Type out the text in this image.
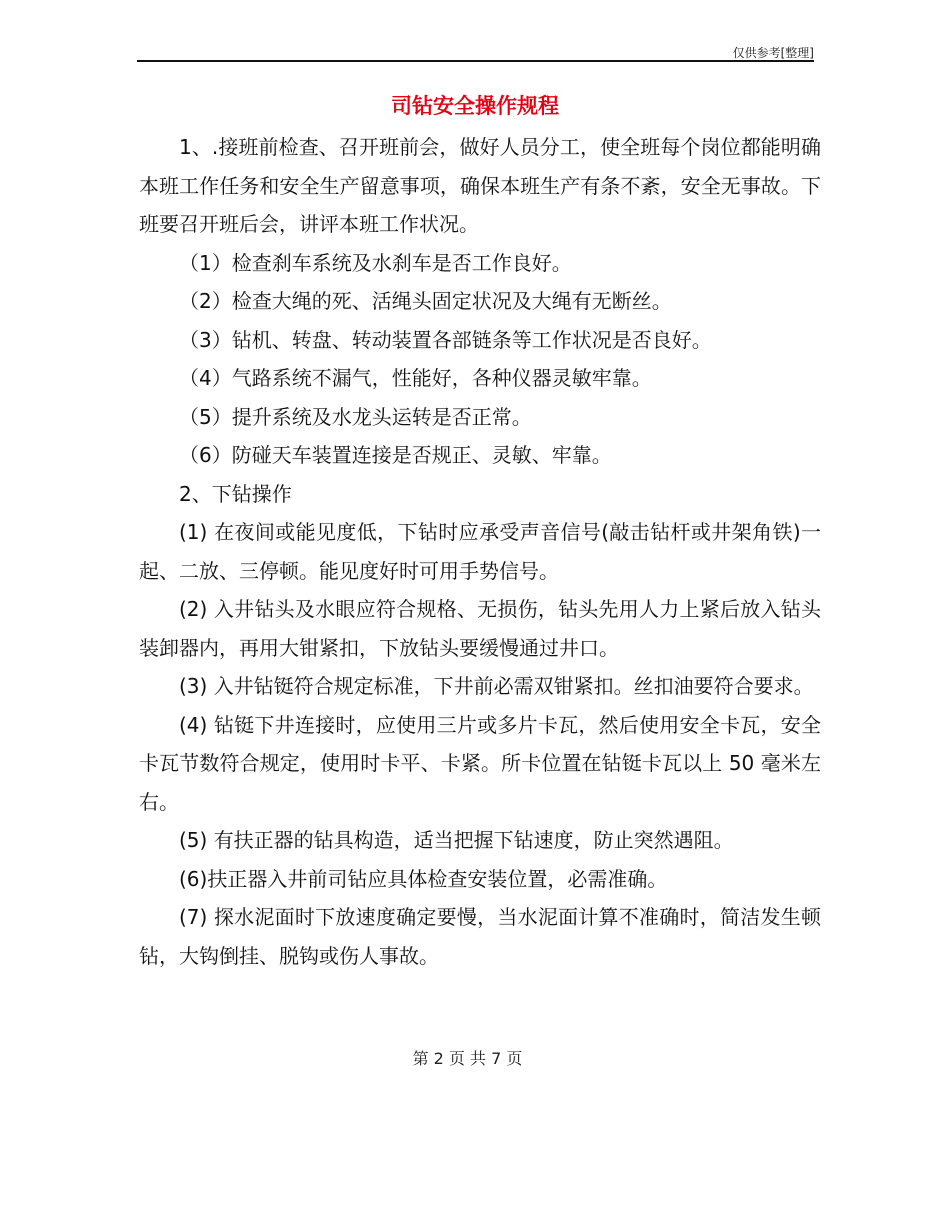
仅供参考[整理]
司钻安全操作规程

1、.接班前检查、召开班前会，做好人员分工，使全班每个岗位都能明确本班工作任务和安全生产留意事项，确保本班生产有条不紊，安全无事故。下班要召开班后会，讲评本班工作状况。

（1）检查刹车系统及水刹车是否工作良好。

（2）检查大绳的死、活绳头固定状况及大绳有无断丝。

（3）钻机、转盘、转动装置各部链条等工作状况是否良好。

（4）气路系统不漏气，性能好，各种仪器灵敏牢靠。

（5）提升系统及水龙头运转是否正常。

（6）防碰天车装置连接是否规正、灵敏、牢靠。

2、下钻操作

(1) 在夜间或能见度低，下钻时应承受声音信号(敲击钻杆或井架角铁)一起、二放、三停顿。能见度好时可用手势信号。

(2) 入井钻头及水眼应符合规格、无损伤，钻头先用人力上紧后放入钻头装卸器内，再用大钳紧扣，下放钻头要缓慢通过井口。

(3) 入井钻铤符合规定标准，下井前必需双钳紧扣。丝扣油要符合要求。

(4) 钻铤下井连接时，应使用三片或多片卡瓦，然后使用安全卡瓦，安全卡瓦节数符合规定，使用时卡平、卡紧。所卡位置在钻铤卡瓦以上 50 毫米左右。

(5) 有扶正器的钻具构造，适当把握下钻速度，防止突然遇阻。

(6)扶正器入井前司钻应具体检查安装位置，必需准确。

(7) 探水泥面时下放速度确定要慢，当水泥面计算不准确时，简洁发生顿钻，大钩倒挂、脱钩或伤人事故。

第 2 页 共 7 页
